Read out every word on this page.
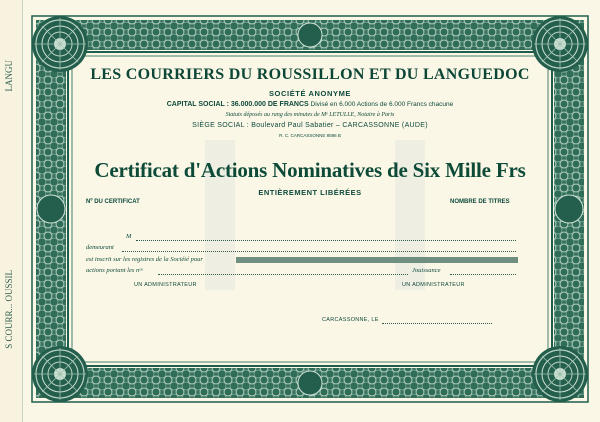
LANGU
S COURR... OUSSIL
LES COURRIERS DU ROUSSILLON ET DU LANGUEDOC
SOCIÉTÉ ANONYME
CAPITAL SOCIAL : 36.000.000 DE FRANCS Divisé en 6.000 Actions de 6.000 Francs chacune
Statuts déposés au rang des minutes de Mᵉ LETULLE, Notaire à Paris
SIÈGE SOCIAL : Boulevard Paul Sabatier – CARCASSONNE (AUDE)
R. C. CARCASSONNE 8596 B
Certificat d'Actions Nominatives de Six Mille Frs
ENTIÈREMENT LIBÉRÉES
Nº DU CERTIFICAT	NOMBRE DE TITRES
M
demeurant
est inscrit sur les registres de la Société pour
actions portant les nᵒˢ	Jouissance
UN ADMINISTRATEUR	UN ADMINISTRATEUR
CARCASSONNE, LE
